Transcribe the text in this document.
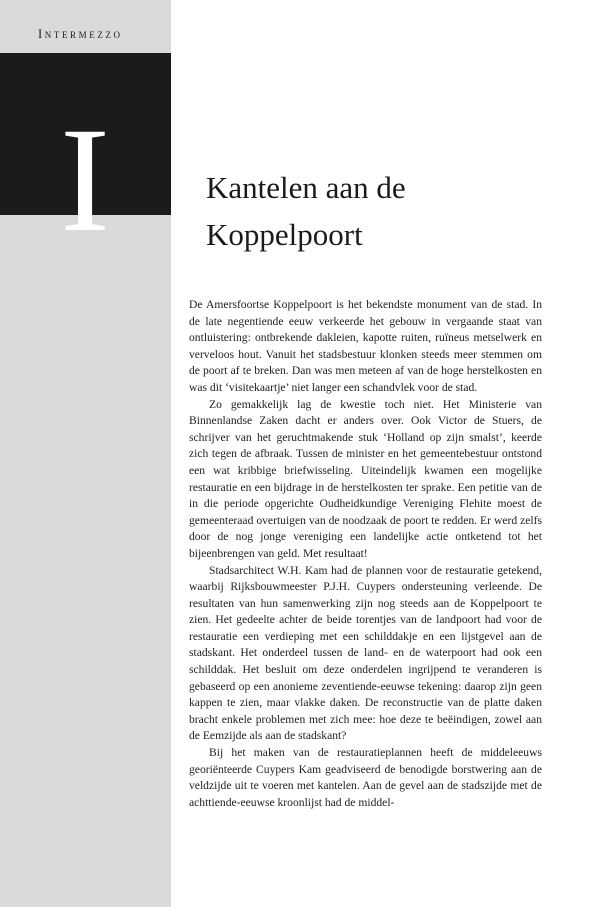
Intermezzo
I	Kantelen aan de
Koppelpoort

De Amersfoortse Koppelpoort is het bekendste monument van de stad. In de late negentiende eeuw verkeerde het gebouw in vergaande staat van ontluistering: ontbrekende dakleien, kapotte ruiten, ruïneus metselwerk en verveloos hout. Vanuit het stadsbestuur klonken steeds meer stemmen om de poort af te breken. Dan was men meteen af van de hoge herstelkosten en was dit ‘visitekaartje’ niet langer een schandvlek voor de stad.

Zo gemakkelijk lag de kwestie toch niet. Het Ministerie van Binnenlandse Zaken dacht er anders over. Ook Victor de Stuers, de schrijver van het geruchtmakende stuk ‘Holland op zijn smalst’, keerde zich tegen de afbraak. Tussen de minister en het gemeentebestuur ontstond een wat kribbige briefwisseling. Uiteindelijk kwamen een mogelijke restauratie en een bijdrage in de herstelkosten ter sprake. Een petitie van de in die periode opgerichte Oudheidkundige Vereniging Flehite moest de gemeenteraad overtuigen van de noodzaak de poort te redden. Er werd zelfs door de nog jonge vereniging een landelijke actie ontketend tot het bijeenbrengen van geld. Met resultaat!

Stadsarchitect W.H. Kam had de plannen voor de restauratie getekend, waarbij Rijksbouwmeester P.J.H. Cuypers ondersteuning verleende. De resultaten van hun samenwerking zijn nog steeds aan de Koppelpoort te zien. Het gedeelte achter de beide torentjes van de landpoort had voor de restauratie een verdieping met een schilddakje en een lijstgevel aan de stadskant. Het onderdeel tussen de land- en de waterpoort had ook een schilddak. Het besluit om deze onderdelen ingrijpend te veranderen is gebaseerd op een anonieme zeventiende-eeuwse tekening: daarop zijn geen kappen te zien, maar vlakke daken. De reconstructie van de platte daken bracht enkele problemen met zich mee: hoe deze te beëindigen, zowel aan de Eemzijde als aan de stadskant?

Bij het maken van de restauratieplannen heeft de middeleeuws georiënteerde Cuypers Kam geadviseerd de benodigde borstwering aan de veldzijde uit te voeren met kantelen. Aan de gevel aan de stadszijde met de achttiende-eeuwse kroonlijst had de middel-
